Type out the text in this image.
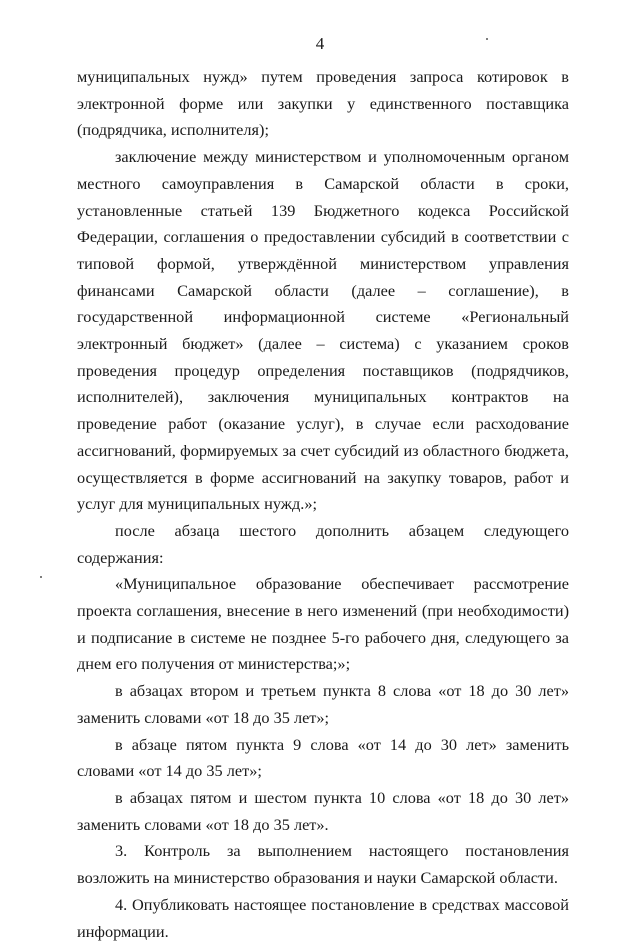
4

муниципальных нужд» путем проведения запроса котировок в электронной форме или закупки у единственного поставщика (подрядчика, исполнителя);

заключение между министерством и уполномоченным органом местного самоуправления в Самарской области в сроки, установленные статьей 139 Бюджетного кодекса Российской Федерации, соглашения о предоставлении субсидий в соответствии с типовой формой, утверждённой министерством управления финансами Самарской области (далее – соглашение), в государственной информационной системе «Региональный электронный бюджет» (далее – система) с указанием сроков проведения процедур определения поставщиков (подрядчиков, исполнителей), заключения муниципальных контрактов на проведение работ (оказание услуг), в случае если расходование ассигнований, формируемых за счет субсидий из областного бюджета, осуществляется в форме ассигнований на закупку товаров, работ и услуг для муниципальных нужд.»;

после абзаца шестого дополнить абзацем следующего содержания:

«Муниципальное образование обеспечивает рассмотрение проекта соглашения, внесение в него изменений (при необходимости) и подписание в системе не позднее 5-го рабочего дня, следующего за днем его получения от министерства;»;

в абзацах втором и третьем пункта 8 слова «от 18 до 30 лет» заменить словами «от 18 до 35 лет»;

в абзаце пятом пункта 9 слова «от 14 до 30 лет» заменить словами «от 14 до 35 лет»;

в абзацах пятом и шестом пункта 10 слова «от 18 до 30 лет» заменить словами «от 18 до 35 лет».

3. Контроль за выполнением настоящего постановления возложить на министерство образования и науки Самарской области.

4. Опубликовать настоящее постановление в средствах массовой информации.
